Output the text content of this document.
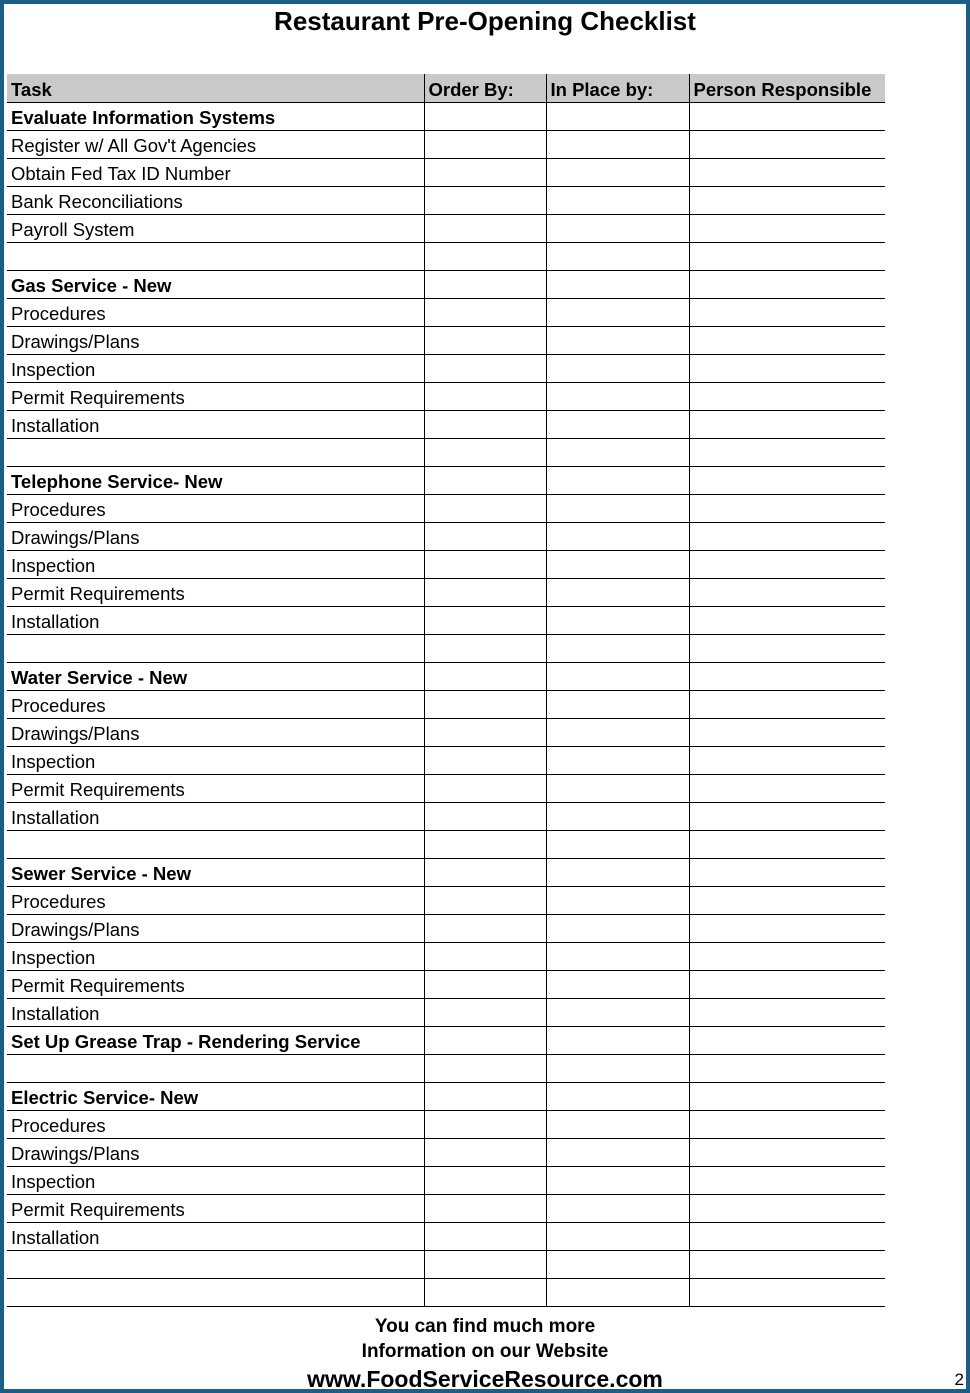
Restaurant Pre-Opening Checklist
Task	Order By:	In Place by:	Person Responsible
Evaluate Information Systems			
Register w/ All Gov't Agencies			
Obtain Fed Tax ID Number			
Bank Reconciliations			
Payroll System			

Gas Service - New			
Procedures			
Drawings/Plans			
Inspection			
Permit Requirements			
Installation			

Telephone Service- New			
Procedures			
Drawings/Plans			
Inspection			
Permit Requirements			
Installation			

Water Service - New			
Procedures			
Drawings/Plans			
Inspection			
Permit Requirements			
Installation			

Sewer Service - New			
Procedures			
Drawings/Plans			
Inspection			
Permit Requirements			
Installation			
Set Up Grease Trap - Rendering Service			

Electric Service- New			
Procedures			
Drawings/Plans			
Inspection			
Permit Requirements			
Installation			

You can find much more
Information on our Website
www.FoodServiceResource.com	2
